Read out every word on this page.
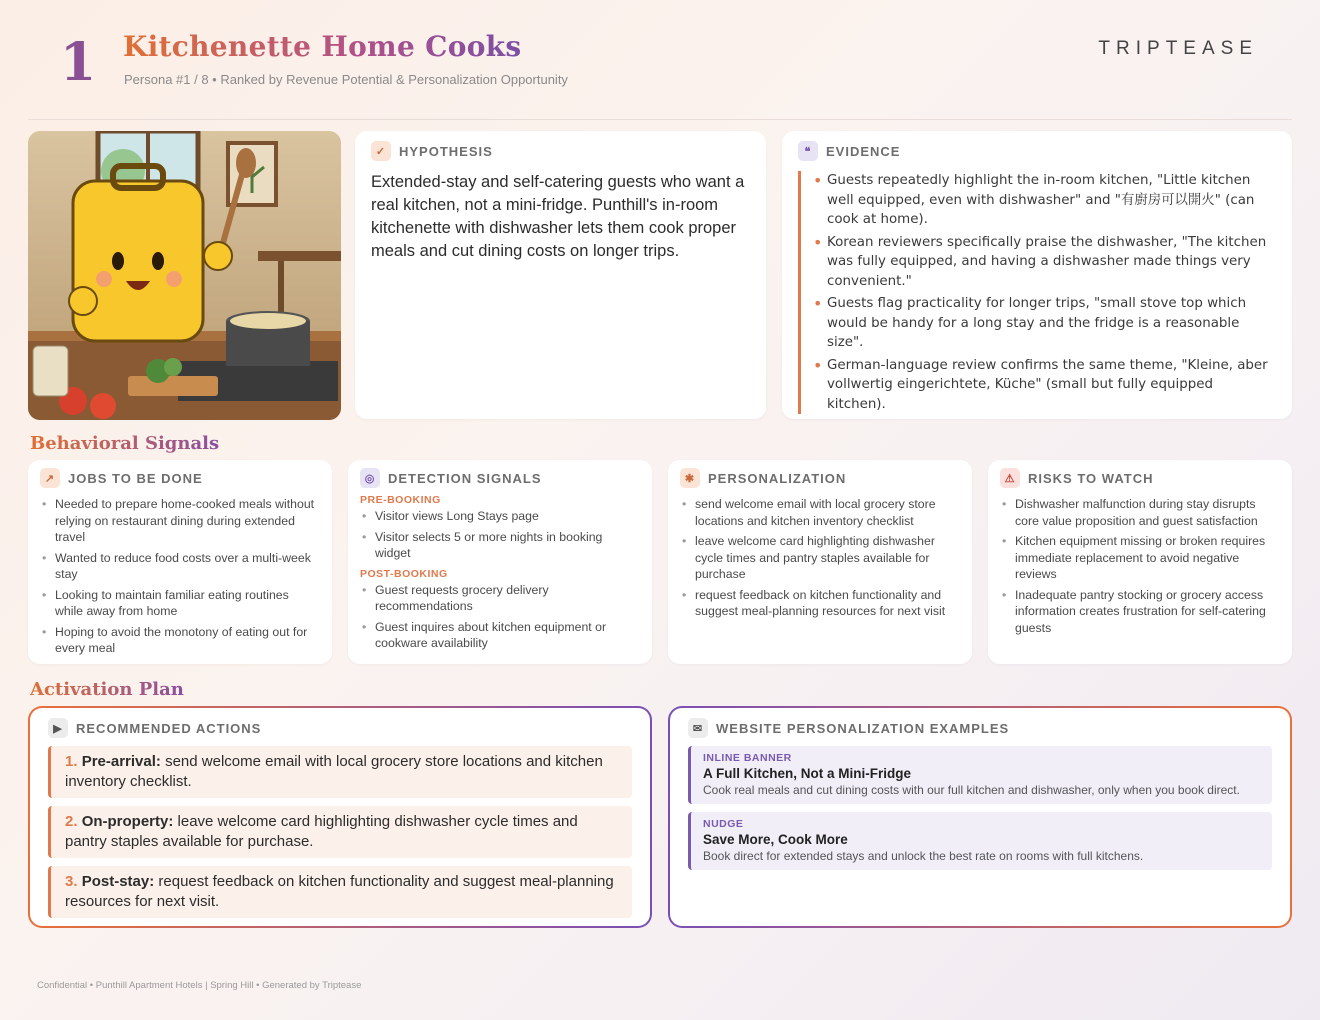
1 Kitchenette Home Cooks
Persona #1 / 8 • Ranked by Revenue Potential & Personalization Opportunity
TRIPTEASE
✓ HYPOTHESIS
Extended-stay and self-catering guests who want a real kitchen, not a mini-fridge. Punthill's in-room kitchenette with dishwasher lets them cook proper meals and cut dining costs on longer trips.
❝	EVIDENCE
• Guests repeatedly highlight the in-room kitchen, "Little kitchen well equipped, even with dishwasher" and "有廚房可以開火" (can cook at home).
• Korean reviewers specifically praise the dishwasher, "The kitchen was fully equipped, and having a dishwasher made things very convenient."
• Guests flag practicality for longer trips, "small stove top which would be handy for a long stay and the fridge is a reasonable size".
• German-language review confirms the same theme, "Kleine, aber vollwertig eingerichtete, Küche" (small but fully equipped kitchen).
Behavioral Signals
↗ JOBS TO BE DONE
• Needed to prepare home-cooked meals without relying on restaurant dining during extended travel
• Wanted to reduce food costs over a multi-week stay
• Looking to maintain familiar eating routines while away from home
• Hoping to avoid the monotony of eating out for every meal
◎ DETECTION SIGNALS
PRE-BOOKING
• Visitor views Long Stays page
• Visitor selects 5 or more nights in booking widget
POST-BOOKING
• Guest requests grocery delivery recommendations
• Guest inquires about kitchen equipment or cookware availability
✱ PERSONALIZATION
• send welcome email with local grocery store locations and kitchen inventory checklist
• leave welcome card highlighting dishwasher cycle times and pantry staples available for purchase
• request feedback on kitchen functionality and suggest meal-planning resources for next visit
⚠ RISKS TO WATCH
• Dishwasher malfunction during stay disrupts core value proposition and guest satisfaction
• Kitchen equipment missing or broken requires immediate replacement to avoid negative reviews
• Inadequate pantry stocking or grocery access information creates frustration for self-catering guests
Activation Plan
▶	RECOMMENDED ACTIONS
1. Pre-arrival: send welcome email with local grocery store locations and kitchen inventory checklist.
2. On-property: leave welcome card highlighting dishwasher cycle times and pantry staples available for purchase.
3. Post-stay: request feedback on kitchen functionality and suggest meal-planning resources for next visit.
✉ WEBSITE PERSONALIZATION EXAMPLES
INLINE BANNER
A Full Kitchen, Not a Mini-Fridge
Cook real meals and cut dining costs with our full kitchen and dishwasher, only when you book direct.
NUDGE
Save More, Cook More
Book direct for extended stays and unlock the best rate on rooms with full kitchens.
Confidential • Punthill Apartment Hotels | Spring Hill • Generated by Triptease
